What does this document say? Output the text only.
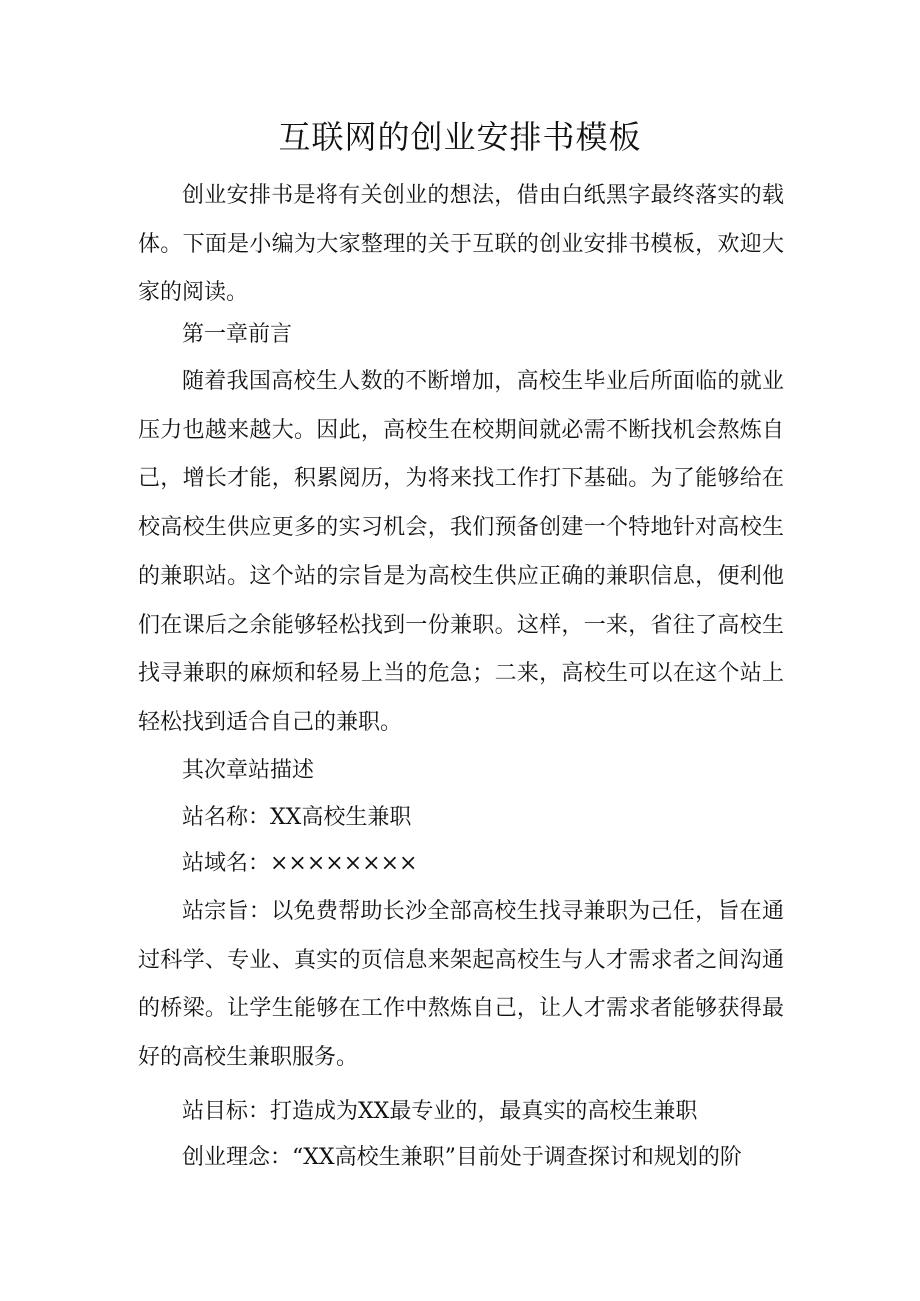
互联网的创业安排书模板

创业安排书是将有关创业的想法，借由白纸黑字最终落实的载体。下面是小编为大家整理的关于互联的创业安排书模板，欢迎大家的阅读。

第一章前言

随着我国高校生人数的不断增加，高校生毕业后所面临的就业压力也越来越大。因此，高校生在校期间就必需不断找机会熬炼自己，增长才能，积累阅历，为将来找工作打下基础。为了能够给在校高校生供应更多的实习机会，我们预备创建一个特地针对高校生的兼职站。这个站的宗旨是为高校生供应正确的兼职信息，便利他们在课后之余能够轻松找到一份兼职。这样，一来，省往了高校生找寻兼职的麻烦和轻易上当的危急；二来，高校生可以在这个站上轻松找到适合自己的兼职。

其次章站描述

站名称：XX高校生兼职

站域名：××××××××

站宗旨：以免费帮助长沙全部高校生找寻兼职为己任，旨在通过科学、专业、真实的页信息来架起高校生与人才需求者之间沟通的桥梁。让学生能够在工作中熬炼自己，让人才需求者能够获得最好的高校生兼职服务。

站目标：打造成为XX最专业的，最真实的高校生兼职

创业理念：“XX高校生兼职”目前处于调查探讨和规划的阶
